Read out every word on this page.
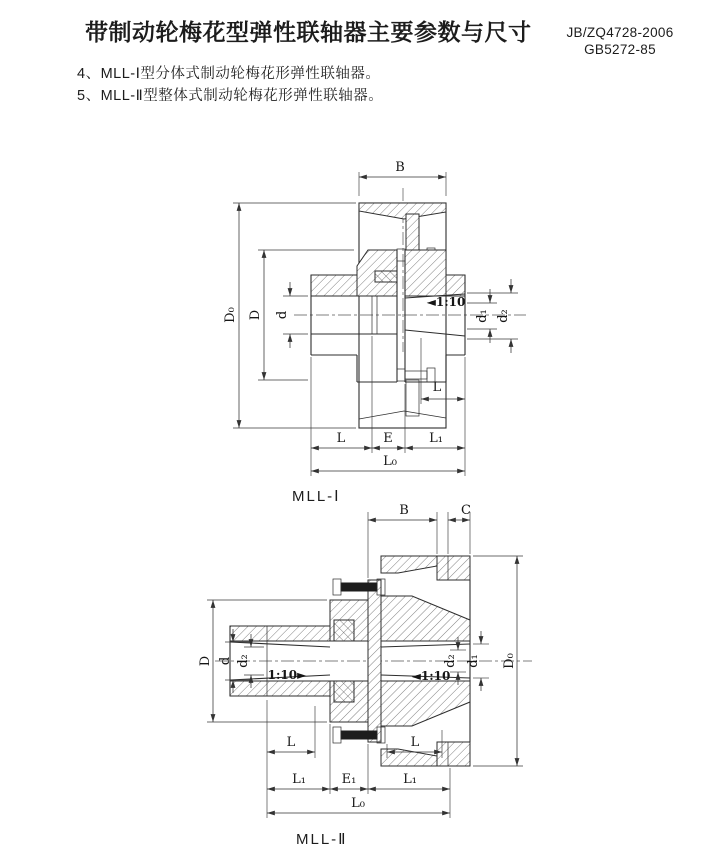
带制动轮梅花型弹性联轴器主要参数与尺寸	JB/ZQ4728-2006
GB5272-85
4、MLL-Ⅰ型分体式制动轮梅花形弹性联轴器。
5、MLL-Ⅱ型整体式制动轮梅花形弹性联轴器。
B
D₀ D d
◄1:10
d₁ d₂
L
L	E	L₁
L₀
B	C
D₀
D d d₂
1:10►	◄1:10
d₂ d₁
L	L
L₁	E₁	L₁
L₀
MLL-Ⅰ
MLL-Ⅱ
